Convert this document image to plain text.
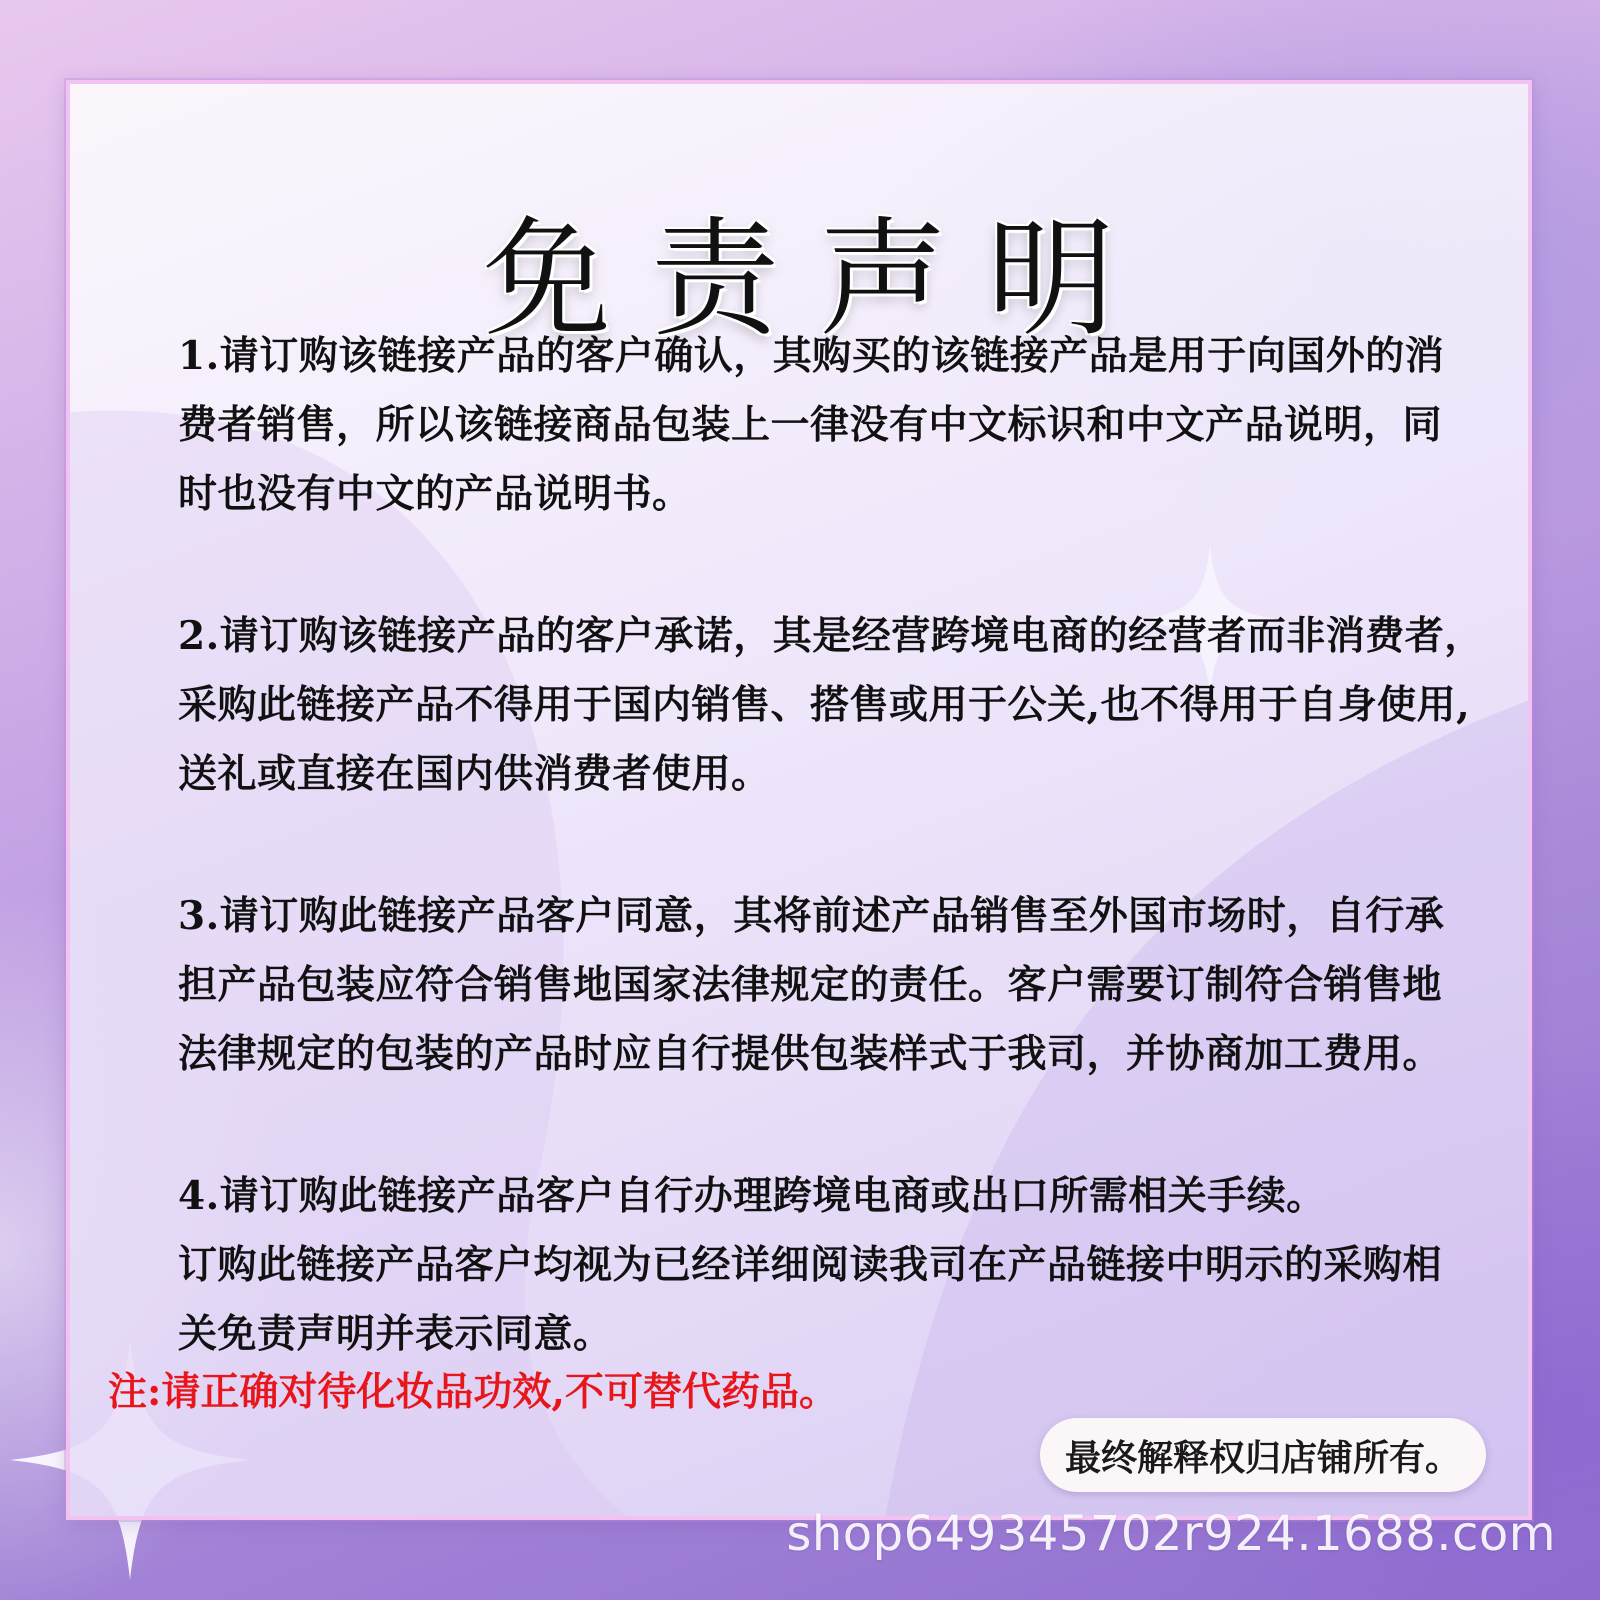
免责声明

1.请订购该链接产品的客户确认，其购买的该链接产品是用于向国外的消

费者销售，所以该链接商品包装上一律没有中文标识和中文产品说明，同

时也没有中文的产品说明书。

2.请订购该链接产品的客户承诺，其是经营跨境电商的经营者而非消费者，

采购此链接产品不得用于国内销售、搭售或用于公关,也不得用于自身使用,

送礼或直接在国内供消费者使用。

3.请订购此链接产品客户同意，其将前述产品销售至外国市场时，自行承

担产品包装应符合销售地国家法律规定的责任。客户需要订制符合销售地

法律规定的包装的产品时应自行提供包装样式于我司，并协商加工费用。

4.请订购此链接产品客户自行办理跨境电商或出口所需相关手续。

订购此链接产品客户均视为已经详细阅读我司在产品链接中明示的采购相

关免责声明并表示同意。

注:请正确对待化妆品功效,不可替代药品。
最终解释权归店铺所有。
shop649345702r924.1688.com
